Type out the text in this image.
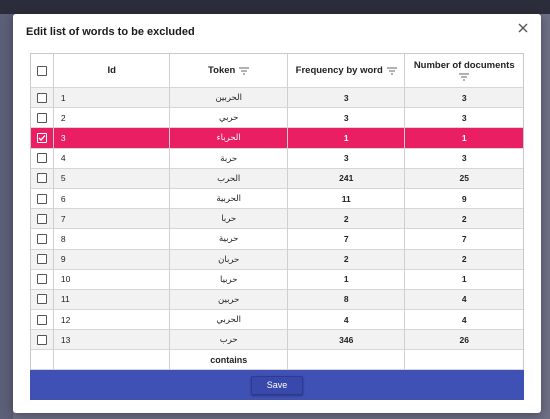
Edit list of words to be excluded
Id	Token	Frequency by word	Number of documents
1	الحربين	3	3
2	حربي	3	3
3	الحرباء	1	1
4	حربة	3	3
5	الحرب	241	25
6	الحربية	11	9
7	حربا	2	2
8	حربية	7	7
9	حربان	2	2
10	حربيا	1	1
11	حربين	8	4
12	الحربي	4	4
13	حرب	346	26
contains
Save
